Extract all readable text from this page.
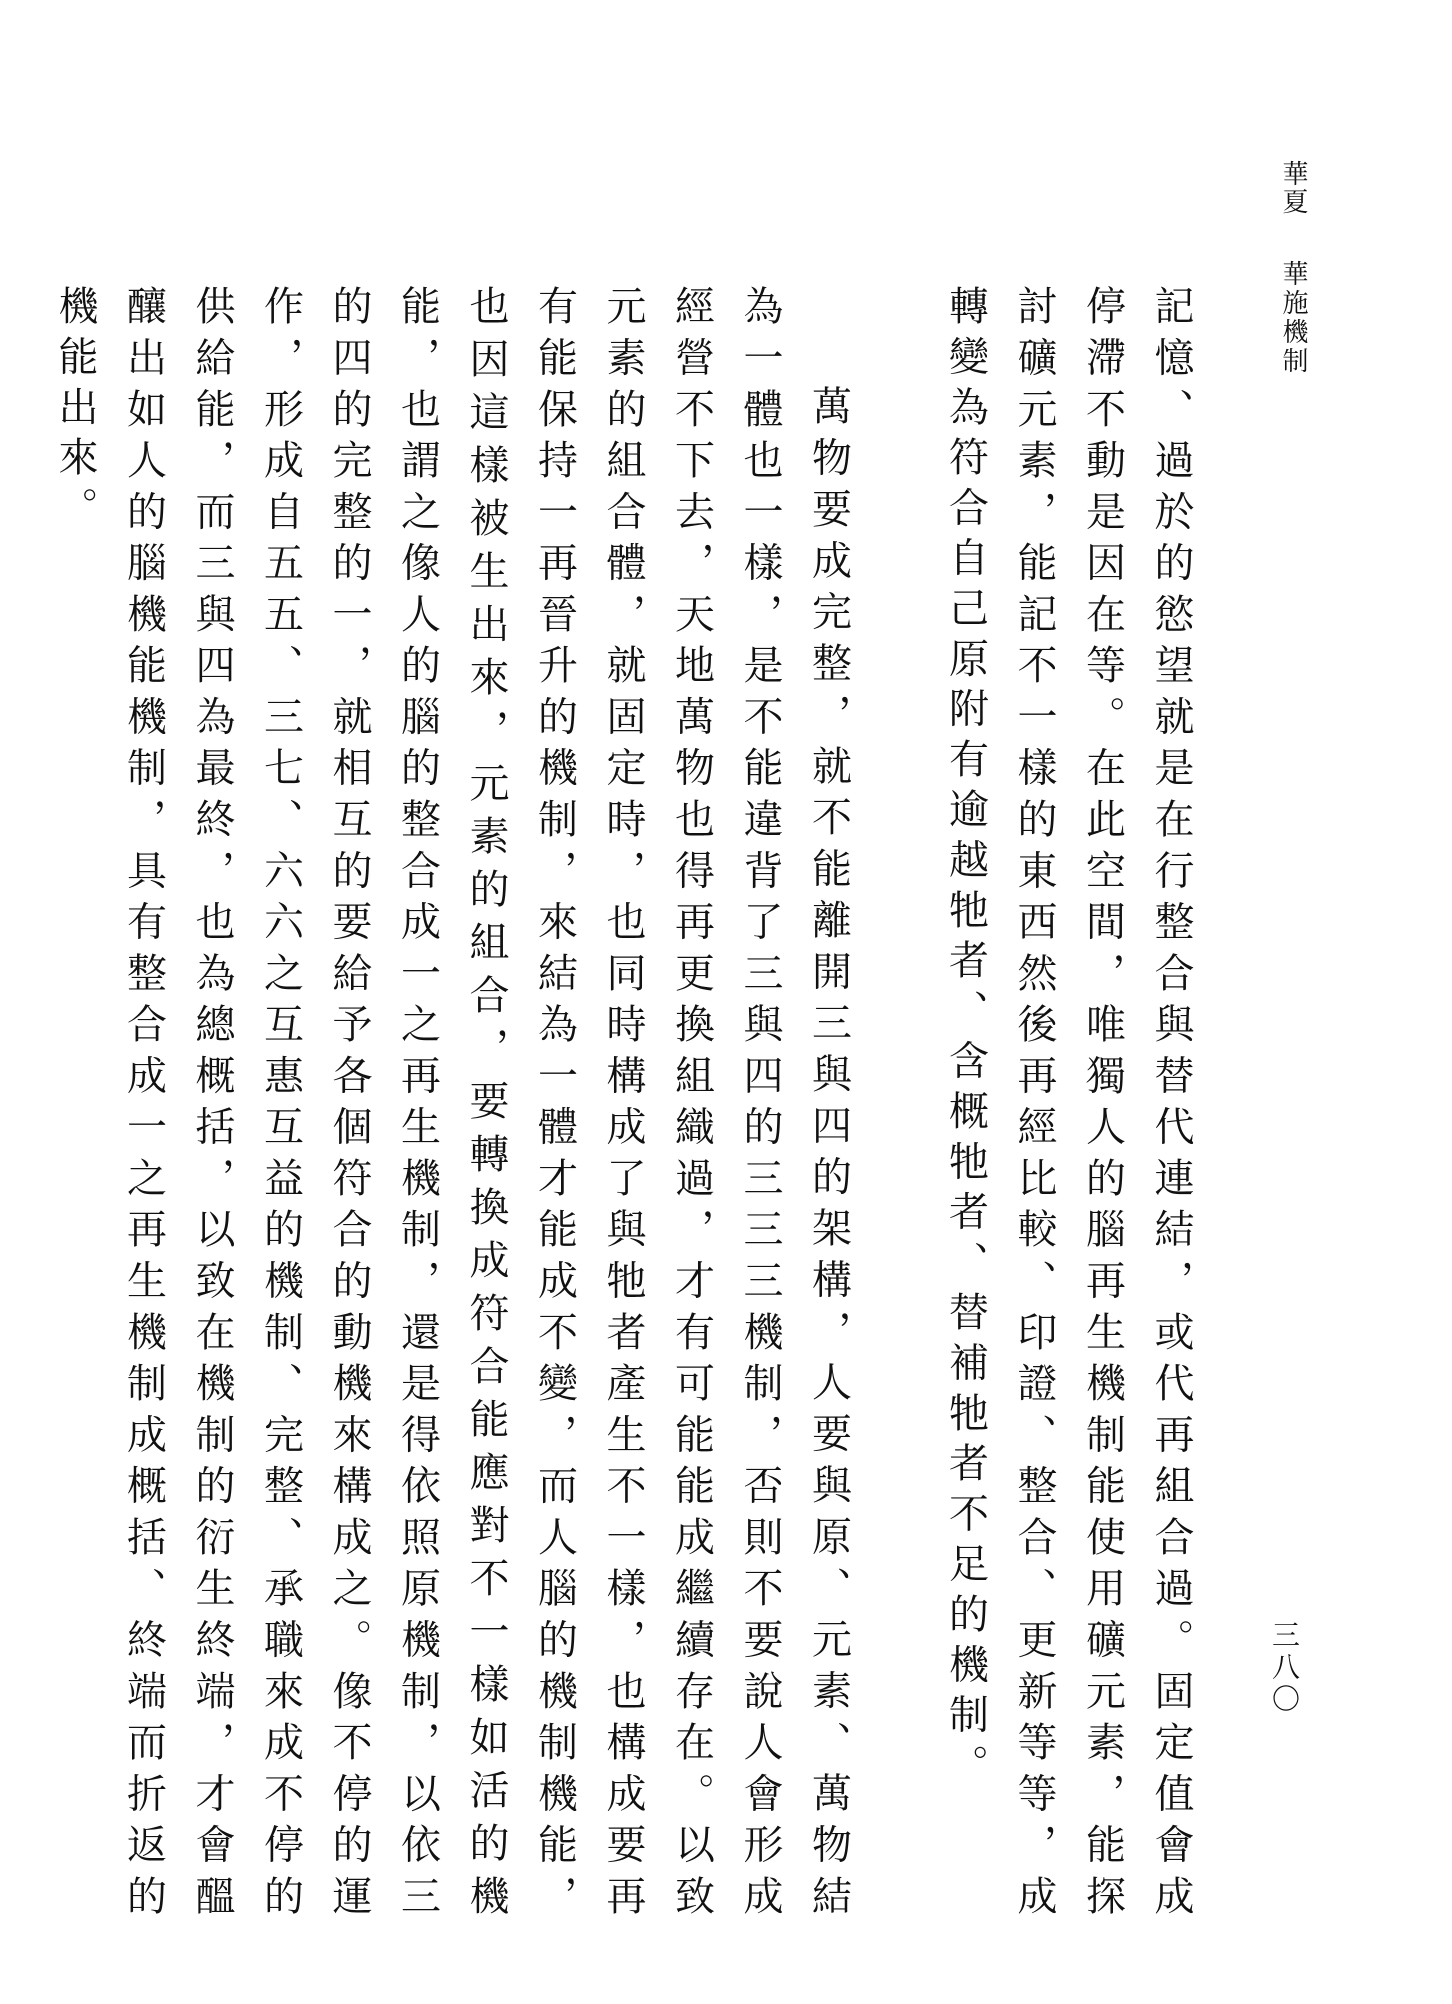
華夏
華施機制

記憶、過於的慾望就是在行整合與替代連結，或代再組合過。固定值會成停滯不動是因在等。在此空間，唯獨人的腦再生機制能使用礦元素，能探討礦元素，能記不一樣的東西然後再經比較、印證、整合、更新等等，成轉變為符合自己原附有逾越牠者、含概牠者、替補牠者不足的機制。

萬物要成完整，就不能離開三與四的架構，人要與原、元素、萬物結為一體也一樣，是不能違背了三與四的三三三機制，否則不要說人會形成經營不下去，天地萬物也得再更換組織過，才有可能能成繼續存在。以致元素的組合體，就固定時，也同時構成了與牠者產生不一樣，也構成要再有能保持一再晉升的機制，來結為一體才能成不變，而人腦的機制機能，也因這樣被生出來，元素的組合，要轉換成符合能應對不一樣如活的機能，也謂之像人的腦的整合成一之再生機制，還是得依照原機制，以依三的四的完整的一，就相互的要給予各個符合的動機來構成之。像不停的運作，形成自五五、三七、六六之互惠互益的機制、完整、承職來成不停的供給能，而三與四為最終，也為總概括，以致在機制的衍生終端，才會醞釀出如人的腦機能機制，具有整合成一之再生機制成概括、終端而折返的機能出來。

三八〇
